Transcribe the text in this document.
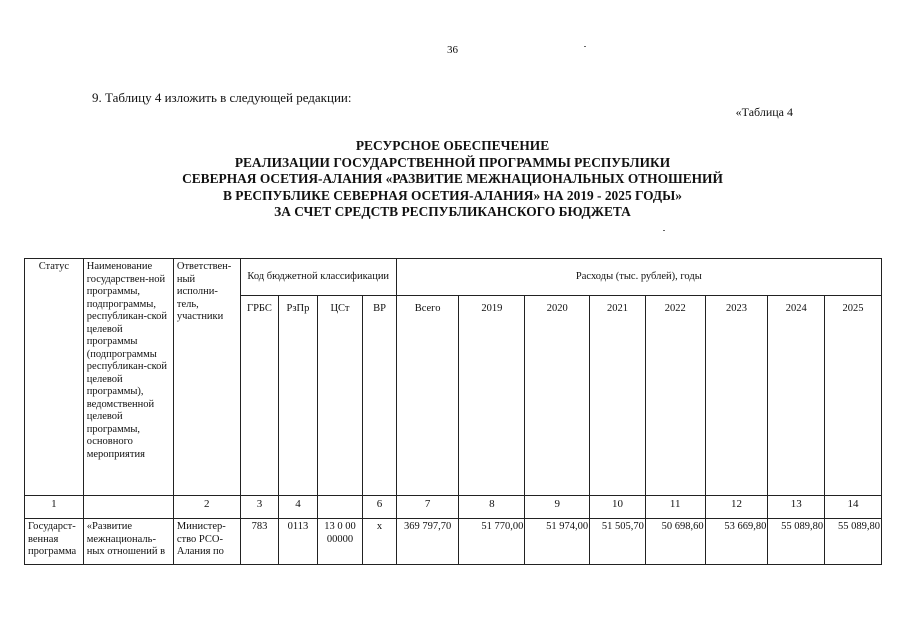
36
9. Таблицу 4 изложить в следующей редакции:
«Таблица 4
РЕСУРСНОЕ ОБЕСПЕЧЕНИЕ
РЕАЛИЗАЦИИ ГОСУДАРСТВЕННОЙ ПРОГРАММЫ РЕСПУБЛИКИ
СЕВЕРНАЯ ОСЕТИЯ-АЛАНИЯ «РАЗВИТИЕ МЕЖНАЦИОНАЛЬНЫХ ОТНОШЕНИЙ
В РЕСПУБЛИКЕ СЕВЕРНАЯ ОСЕТИЯ-АЛАНИЯ» НА 2019 - 2025 ГОДЫ»
ЗА СЧЕТ СРЕДСТВ РЕСПУБЛИКАНСКОГО БЮДЖЕТА
Статус	Наименование государствен-ной программы, подпрограммы, республикан-ской целевой программы (подпрограммы республикан-ской целевой программы), ведомственной целевой программы, основного мероприятия	Ответствен-ный исполни-тель, участники	Код бюджетной классификации				Расходы (тыс. рублей), годы							
			ГРБС	РзПр	ЦСт	ВР	Всего	2019	2020	2021	2022	2023	2024	2025
1		2	3	4		6	7	8	9	10	11	12	13	14
Государст-венная программа	«Развитие межнациональ-ных отношений в	Министер-ство РСО-Алания по	783	0113	13 0 00 00000	х	369 797,70	51 770,00	51 974,00	51 505,70	50 698,60	53 669,80	55 089,80	55 089,80
